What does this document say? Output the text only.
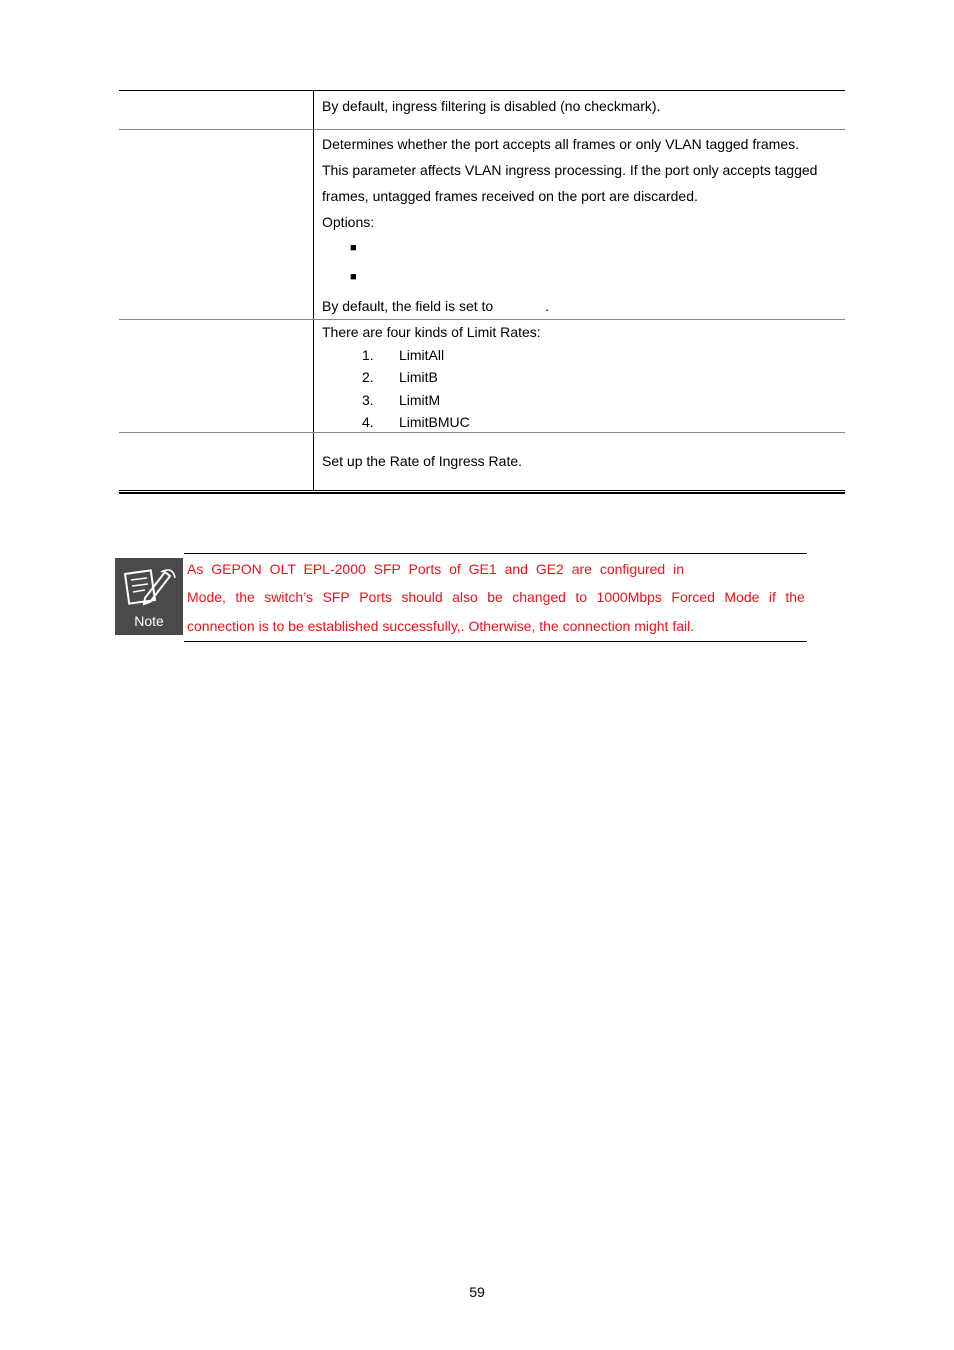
By default, ingress filtering is disabled (no checkmark).
Determines whether the port accepts all frames or only VLAN tagged frames.
This parameter affects VLAN ingress processing. If the port only accepts tagged
frames, untagged frames received on the port are discarded.
Options:
■
■
By default, the field is set to	.
There are four kinds of Limit Rates:
1. LimitAll
2. LimitB
3. LimitM
4. LimitBMUC
Set up the Rate of Ingress Rate.
Note
As GEPON OLT EPL-2000 SFP Ports of GE1 and GE2 are configured in
Mode, the switch’s SFP Ports should also be changed to 1000Mbps Forced Mode if the
connection is to be established successfully,. Otherwise, the connection might fail.
59
